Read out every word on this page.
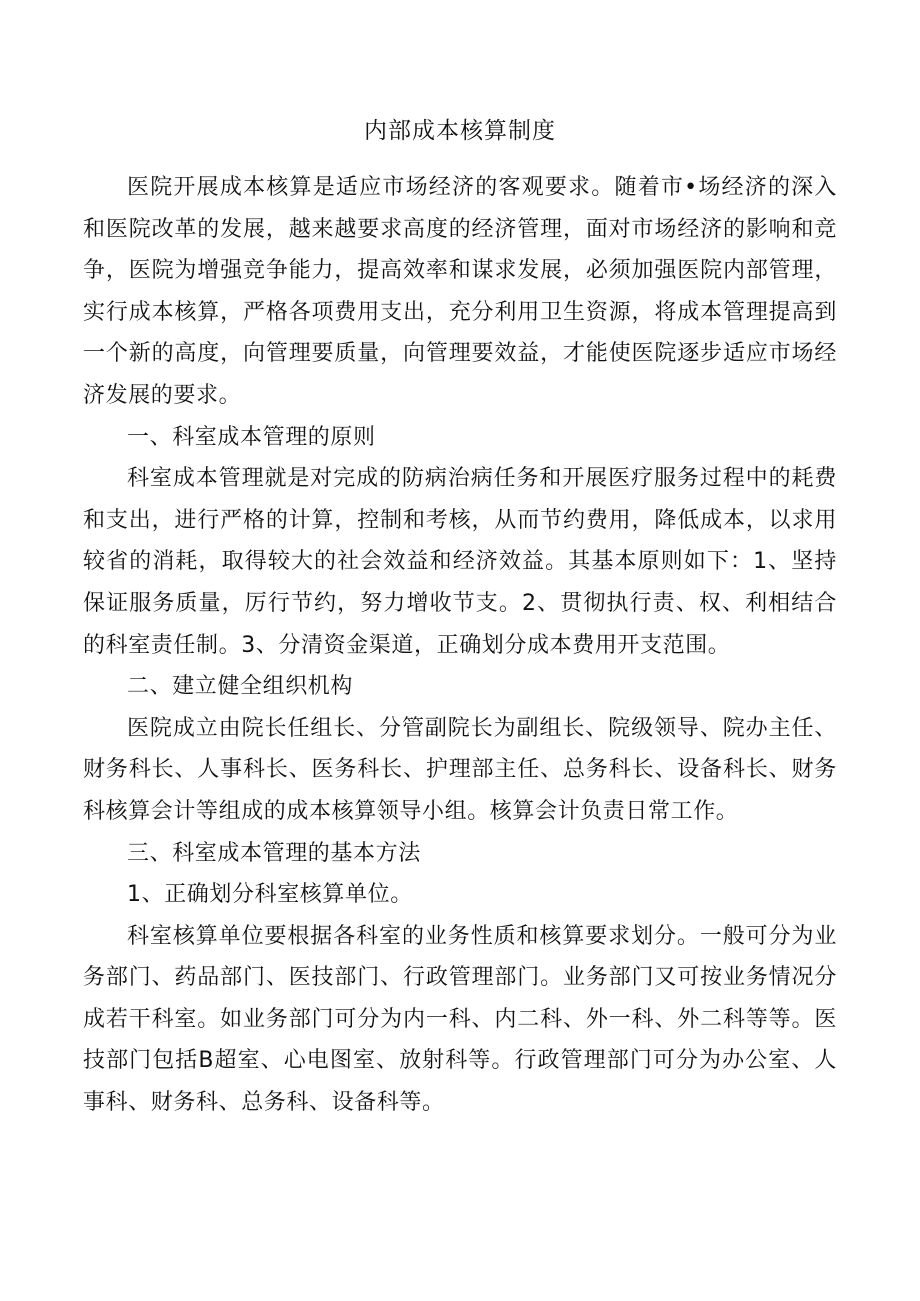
内部成本核算制度

医院开展成本核算是适应市场经济的客观要求。随着市•场经济的深入和医院改革的发展，越来越要求高度的经济管理，面对市场经济的影响和竞争，医院为增强竞争能力，提高效率和谋求发展，必须加强医院内部管理，实行成本核算，严格各项费用支出，充分利用卫生资源，将成本管理提高到一个新的高度，向管理要质量，向管理要效益，才能使医院逐步适应市场经济发展的要求。

一、科室成本管理的原则

科室成本管理就是对完成的防病治病任务和开展医疗服务过程中的耗费和支出，进行严格的计算，控制和考核，从而节约费用，降低成本，以求用较省的消耗，取得较大的社会效益和经济效益。其基本原则如下：1、坚持保证服务质量，厉行节约，努力增收节支。2、贯彻执行责、权、利相结合的科室责任制。3、分清资金渠道，正确划分成本费用开支范围。

二、建立健全组织机构

医院成立由院长任组长、分管副院长为副组长、院级领导、院办主任、财务科长、人事科长、医务科长、护理部主任、总务科长、设备科长、财务科核算会计等组成的成本核算领导小组。核算会计负责日常工作。

三、科室成本管理的基本方法

1、正确划分科室核算单位。

科室核算单位要根据各科室的业务性质和核算要求划分。一般可分为业务部门、药品部门、医技部门、行政管理部门。业务部门又可按业务情况分成若干科室。如业务部门可分为内一科、内二科、外一科、外二科等等。医技部门包括B超室、心电图室、放射科等。行政管理部门可分为办公室、人事科、财务科、总务科、设备科等。
